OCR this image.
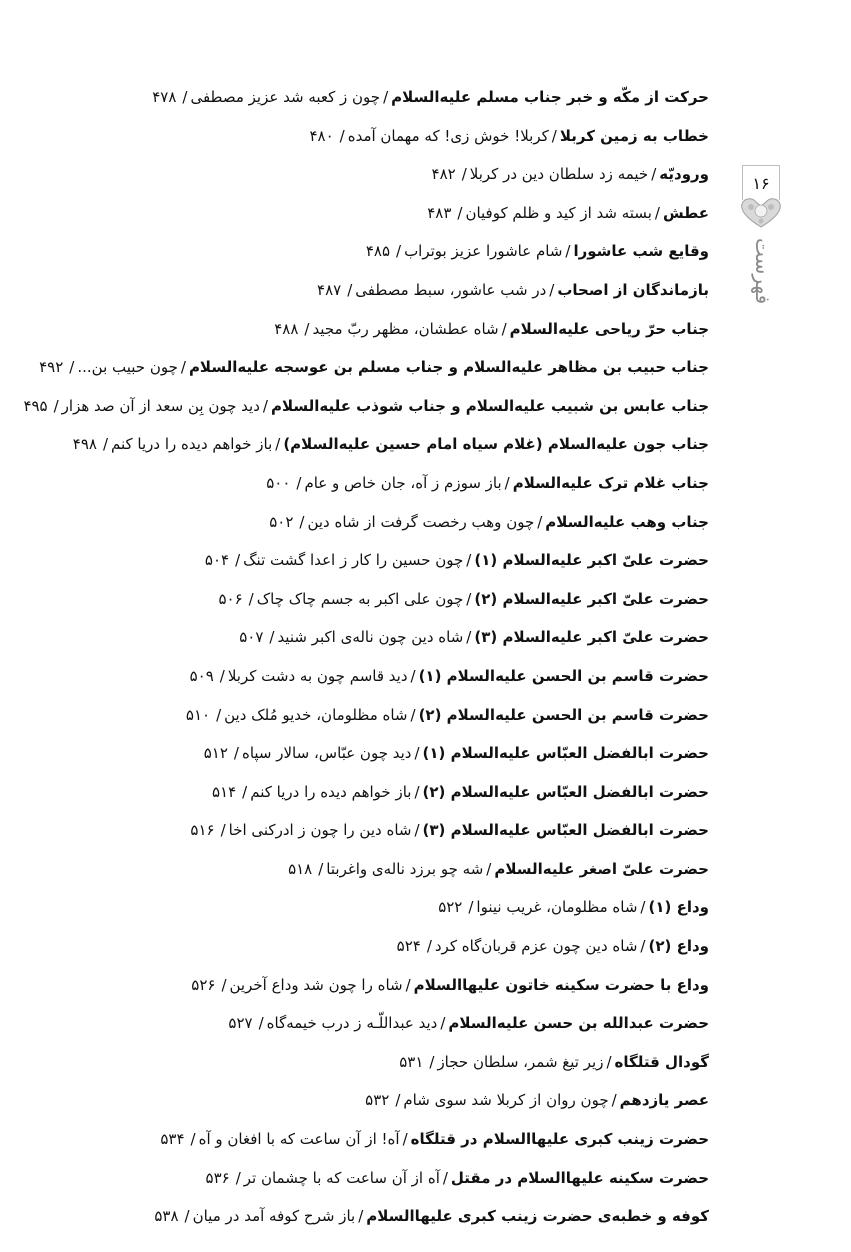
حرکت از مکّه و خبر جناب مسلم علیه‌السلام/چون ز کعبه شد عزیز مصطفی/۴۷۸
خطاب به زمین کربلا/کربلا! خوش زی! که مهمان آمده/۴۸۰
ورودیّه/خیمه زد سلطان دین در کربلا/۴۸۲
عطش/بسته شد از کید و ظلم کوفیان/۴۸۳
وقایع شب عاشورا/شام عاشورا عزیز بوتراب/۴۸۵
بازماندگان از اصحاب/در شب عاشور، سبط مصطفی/۴۸۷
جناب حرّ ریاحی علیه‌السلام/شاه عطشان، مظهر ربّ مجید/۴۸۸
جناب حبیب بن مظاهر علیه‌السلام و جناب مسلم بن عوسجه علیه‌السلام/چون حبیب بن.../۴۹۲
جناب عابس بن شبیب علیه‌السلام و جناب شوذب علیه‌السلام/دید چون بِن سعد از آن صد هزار/۴۹۵
جناب جون علیه‌السلام (غلام سیاه امام حسین علیه‌السلام)/باز خواهم دیده را دریا کنم/۴۹۸
جناب غلام ترک علیه‌السلام/باز سوزم ز آه، جان خاص و عام/۵۰۰
جناب وهب علیه‌السلام/چون وهب رخصت گرفت از شاه دین/۵۰۲
حضرت علیّ اکبر علیه‌السلام (۱)/چون حسین را کار ز اعدا گشت تنگ/۵۰۴
حضرت علیّ اکبر علیه‌السلام (۲)/چون علی اکبر به جسم چاک چاک/۵۰۶
حضرت علیّ اکبر علیه‌السلام (۳)/شاه دین چون ناله‌ی اکبر شنید/۵۰۷
حضرت قاسم بن الحسن علیه‌السلام (۱)/دید قاسم چون به دشت کربلا/۵۰۹
حضرت قاسم بن الحسن علیه‌السلام (۲)/شاه مظلومان، خدیو مُلک دین/۵۱۰
حضرت ابالفضل العبّاس علیه‌السلام (۱)/دید چون عبّاس، سالار سپاه/۵۱۲
حضرت ابالفضل العبّاس علیه‌السلام (۲)/باز خواهم دیده را دریا کنم/۵۱۴
حضرت ابالفضل العبّاس علیه‌السلام (۳)/شاه دین را چون ز ادرکنی اخا/۵۱۶
حضرت علیّ اصغر علیه‌السلام/شه چو برزد ناله‌ی واغربتا/۵۱۸
وداع (۱)/شاه مظلومان، غریب نینوا/۵۲۲
وداع (۲)/شاه دین چون عزم قربان‌گاه کرد/۵۲۴
وداع با حضرت سکینه خاتون علیهاالسلام/شاه را چون شد وداع آخرین/۵۲۶
حضرت عبدالله بن حسن علیه‌السلام/دید عبداللّـه ز درب خیمه‌گاه/۵۲۷
گودال قتلگاه/زیر تیغ شمر، سلطان حجاز/۵۳۱
عصر یازدهم/چون روان از کربلا شد سوی شام/۵۳۲
حضرت زینب کبری علیهاالسلام در قتلگاه/آه! از آن ساعت که با افغان و آه/۵۳۴
حضرت سکینه علیهاالسلام در مقتل/آه از آن ساعت که با چشمان تر/۵۳۶
کوفه و خطبه‌ی حضرت زینب کبری علیهاالسلام/باز شرح کوفه آمد در میان/۵۳۸
۱۶
فهرست
